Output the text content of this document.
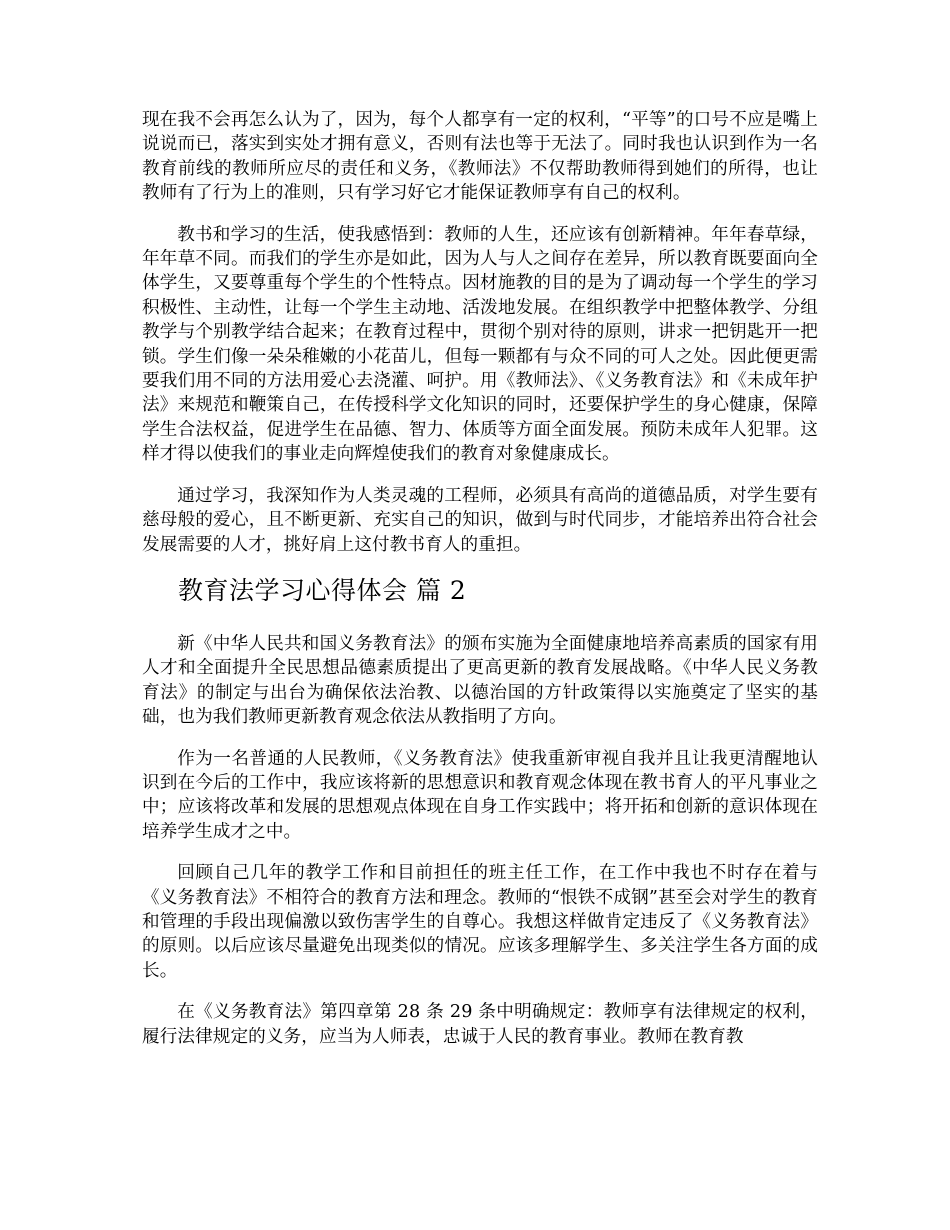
现在我不会再怎么认为了，因为，每个人都享有一定的权利，“平等”的口号不应是嘴上说说而已，落实到实处才拥有意义，否则有法也等于无法了。同时我也认识到作为一名教育前线的教师所应尽的责任和义务，《教师法》不仅帮助教师得到她们的所得，也让教师有了行为上的准则，只有学习好它才能保证教师享有自己的权利。

教书和学习的生活，使我感悟到：教师的人生，还应该有创新精神。年年春草绿，年年草不同。而我们的学生亦是如此，因为人与人之间存在差异，所以教育既要面向全体学生，又要尊重每个学生的个性特点。因材施教的目的是为了调动每一个学生的学习积极性、主动性，让每一个学生主动地、活泼地发展。在组织教学中把整体教学、分组教学与个别教学结合起来；在教育过程中，贯彻个别对待的原则，讲求一把钥匙开一把锁。学生们像一朵朵稚嫩的小花苗儿，但每一颗都有与众不同的可人之处。因此便更需要我们用不同的方法用爱心去浇灌、呵护。用《教师法》、《义务教育法》和《未成年护法》来规范和鞭策自己，在传授科学文化知识的同时，还要保护学生的身心健康，保障学生合法权益，促进学生在品德、智力、体质等方面全面发展。预防未成年人犯罪。这样才得以使我们的事业走向辉煌使我们的教育对象健康成长。

通过学习，我深知作为人类灵魂的工程师，必须具有高尚的道德品质，对学生要有慈母般的爱心，且不断更新、充实自己的知识，做到与时代同步，才能培养出符合社会发展需要的人才，挑好肩上这付教书育人的重担。

教育法学习心得体会 篇 2

新《中华人民共和国义务教育法》的颁布实施为全面健康地培养高素质的国家有用人才和全面提升全民思想品德素质提出了更高更新的教育发展战略。《中华人民义务教育法》的制定与出台为确保依法治教、以德治国的方针政策得以实施奠定了坚实的基础，也为我们教师更新教育观念依法从教指明了方向。

作为一名普通的人民教师，《义务教育法》使我重新审视自我并且让我更清醒地认识到在今后的工作中，我应该将新的思想意识和教育观念体现在教书育人的平凡事业之中；应该将改革和发展的思想观点体现在自身工作实践中；将开拓和创新的意识体现在培养学生成才之中。

回顾自己几年的教学工作和目前担任的班主任工作，在工作中我也不时存在着与《义务教育法》不相符合的教育方法和理念。教师的“恨铁不成钢”甚至会对学生的教育和管理的手段出现偏激以致伤害学生的自尊心。我想这样做肯定违反了《义务教育法》的原则。以后应该尽量避免出现类似的情况。应该多理解学生、多关注学生各方面的成长。

在《义务教育法》第四章第 28 条 29 条中明确规定：教师享有法律规定的权利，履行法律规定的义务，应当为人师表，忠诚于人民的教育事业。教师在教育教
